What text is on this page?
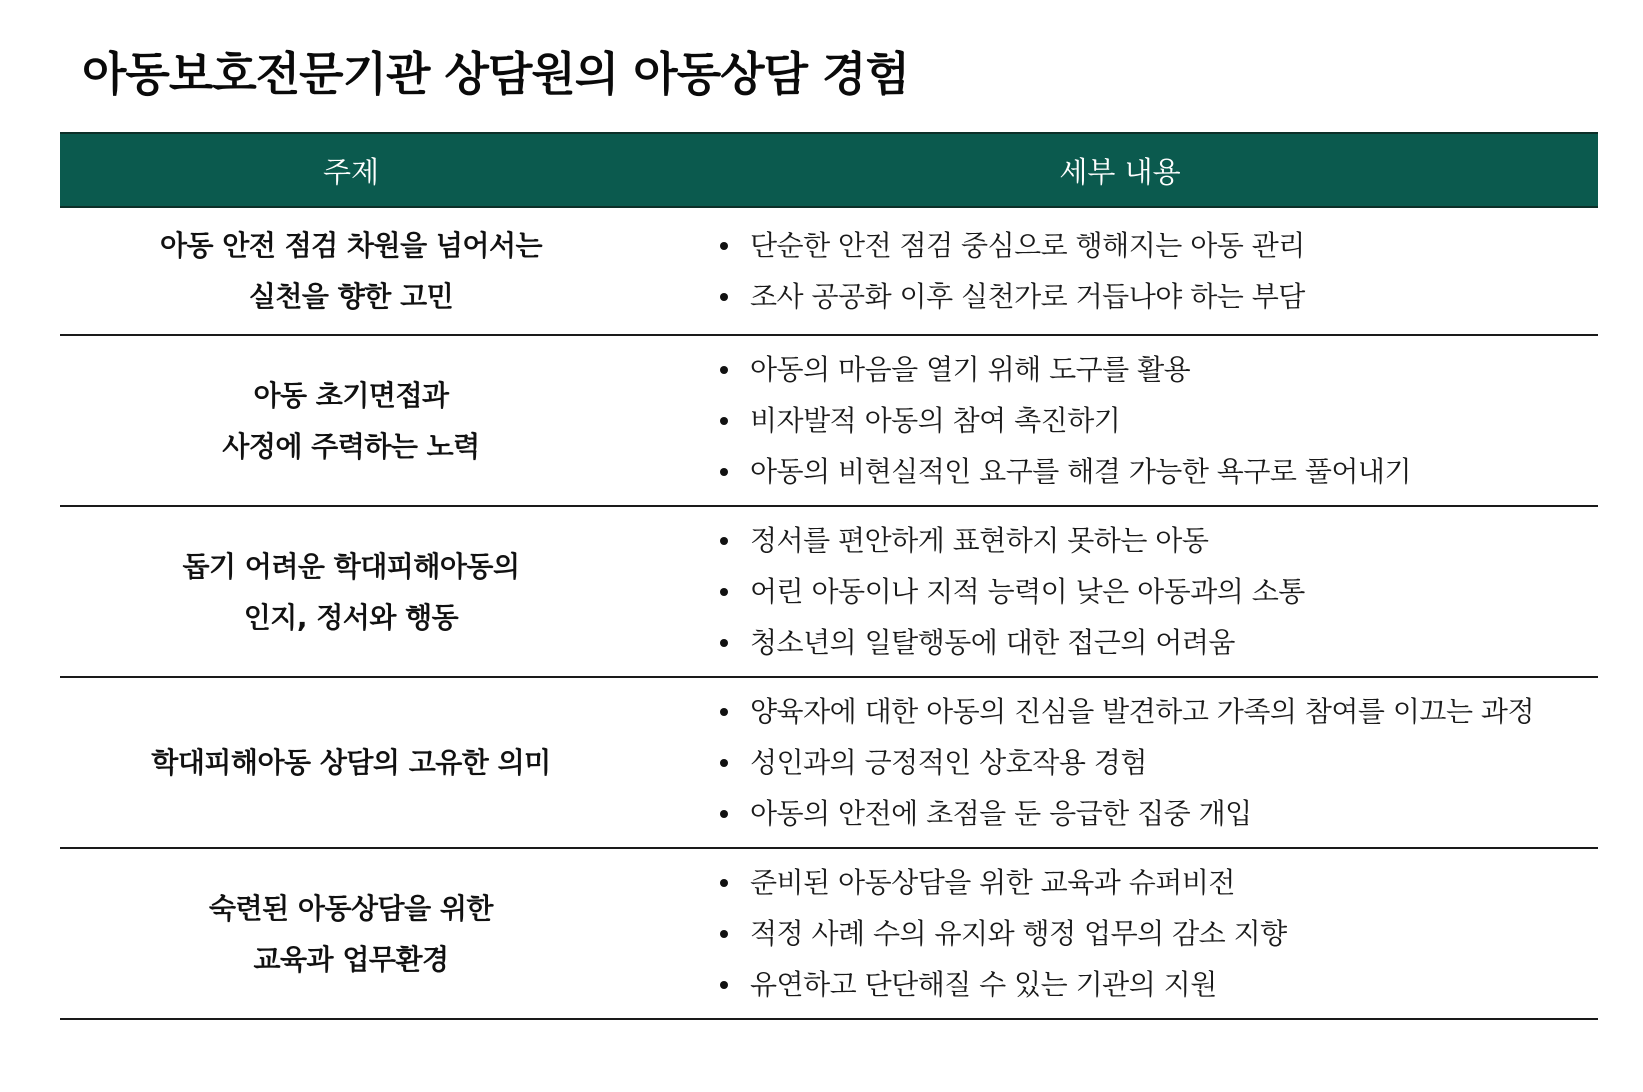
아동보호전문기관 상담원의 아동상담 경험
주제	세부 내용
아동 안전 점검 차원을 넘어서는
실천을 향한 고민
단순한 안전 점검 중심으로 행해지는 아동 관리
조사 공공화 이후 실천가로 거듭나야 하는 부담
아동 초기면접과
사정에 주력하는 노력
아동의 마음을 열기 위해 도구를 활용
비자발적 아동의 참여 촉진하기
아동의 비현실적인 요구를 해결 가능한 욕구로 풀어내기
돕기 어려운 학대피해아동의
인지, 정서와 행동
정서를 편안하게 표현하지 못하는 아동
어린 아동이나 지적 능력이 낮은 아동과의 소통
청소년의 일탈행동에 대한 접근의 어려움
학대피해아동 상담의 고유한 의미
양육자에 대한 아동의 진심을 발견하고 가족의 참여를 이끄는 과정
성인과의 긍정적인 상호작용 경험
아동의 안전에 초점을 둔 응급한 집중 개입
숙련된 아동상담을 위한
교육과 업무환경
준비된 아동상담을 위한 교육과 슈퍼비전
적정 사례 수의 유지와 행정 업무의 감소 지향
유연하고 단단해질 수 있는 기관의 지원
